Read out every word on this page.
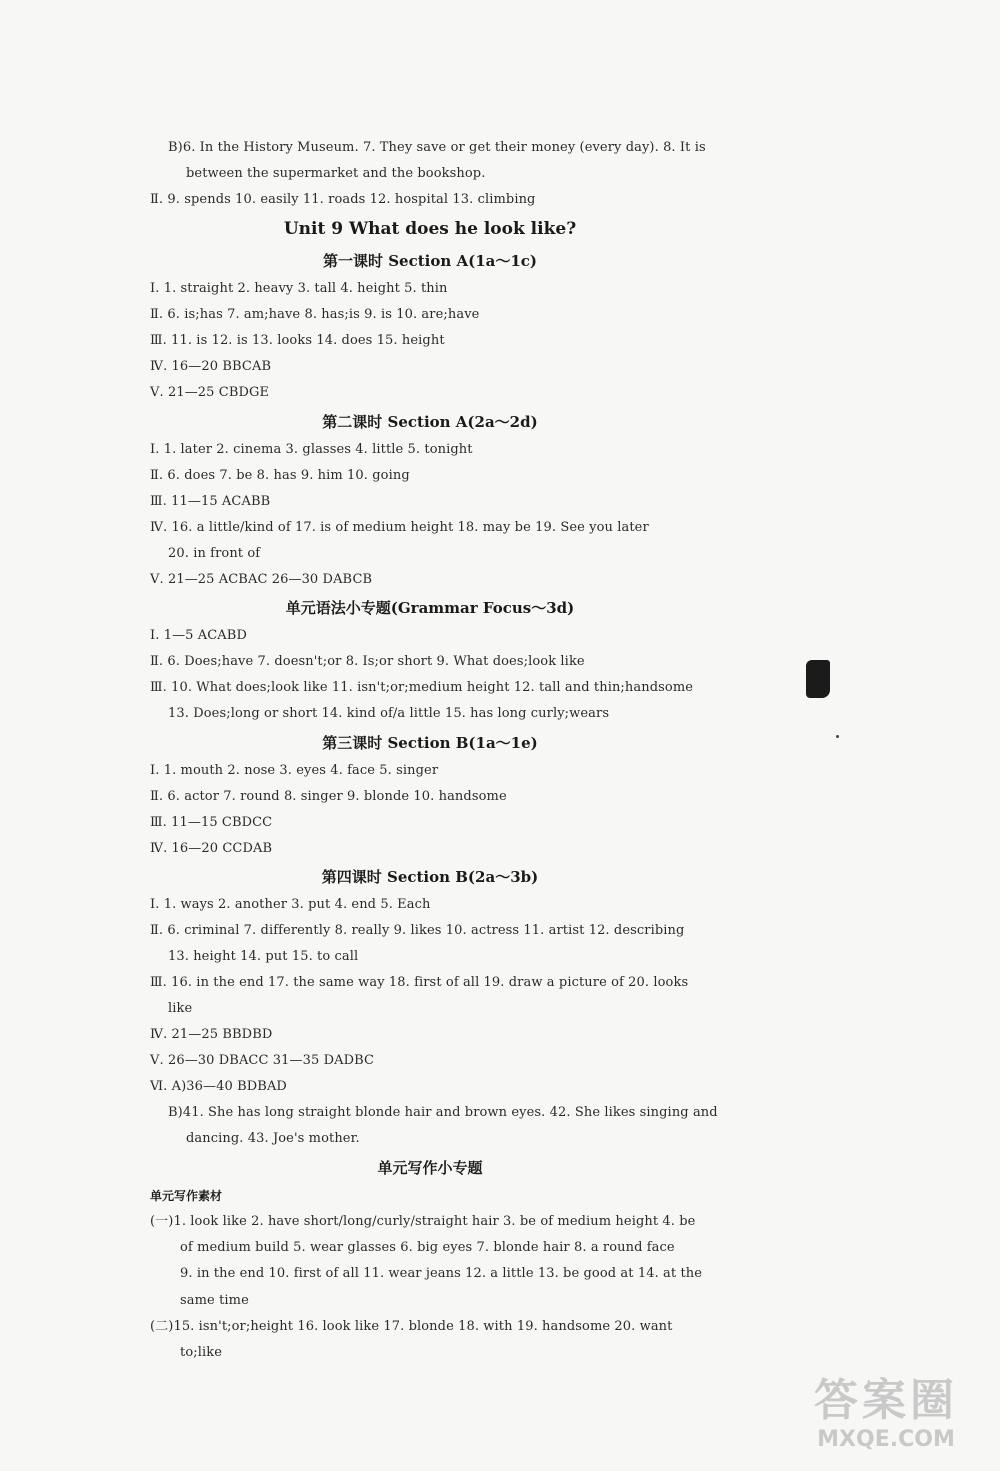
B)6. In the History Museum. 7. They save or get their money (every day). 8. It is
between the supermarket and the bookshop.
Ⅱ. 9. spends 10. easily 11. roads 12. hospital 13. climbing
Unit 9 What does he look like?
第一课时 Section A(1a～1c)
Ⅰ. 1. straight 2. heavy 3. tall 4. height 5. thin
Ⅱ. 6. is;has 7. am;have 8. has;is 9. is 10. are;have
Ⅲ. 11. is 12. is 13. looks 14. does 15. height
Ⅳ. 16—20 BBCAB
Ⅴ. 21—25 CBDGE
第二课时 Section A(2a～2d)
Ⅰ. 1. later 2. cinema 3. glasses 4. little 5. tonight
Ⅱ. 6. does 7. be 8. has 9. him 10. going
Ⅲ. 11—15 ACABB
Ⅳ. 16. a little/kind of 17. is of medium height 18. may be 19. See you later
20. in front of
Ⅴ. 21—25 ACBAC 26—30 DABCB
单元语法小专题(Grammar Focus～3d)
Ⅰ. 1—5 ACABD
Ⅱ. 6. Does;have 7. doesn't;or 8. Is;or short 9. What does;look like
Ⅲ. 10. What does;look like 11. isn't;or;medium height 12. tall and thin;handsome
13. Does;long or short 14. kind of/a little 15. has long curly;wears
第三课时 Section B(1a～1e)
Ⅰ. 1. mouth 2. nose 3. eyes 4. face 5. singer
Ⅱ. 6. actor 7. round 8. singer 9. blonde 10. handsome
Ⅲ. 11—15 CBDCC
Ⅳ. 16—20 CCDAB
第四课时 Section B(2a～3b)
Ⅰ. 1. ways 2. another 3. put 4. end 5. Each
Ⅱ. 6. criminal 7. differently 8. really 9. likes 10. actress 11. artist 12. describing
13. height 14. put 15. to call
Ⅲ. 16. in the end 17. the same way 18. first of all 19. draw a picture of 20. looks
like
Ⅳ. 21—25 BBDBD
Ⅴ. 26—30 DBACC 31—35 DADBC
Ⅵ. A)36—40 BDBAD
B)41. She has long straight blonde hair and brown eyes. 42. She likes singing and
dancing. 43. Joe's mother.
单元写作小专题
单元写作素材
(一)1. look like 2. have short/long/curly/straight hair 3. be of medium height 4. be
of medium build 5. wear glasses 6. big eyes 7. blonde hair 8. a round face
9. in the end 10. first of all 11. wear jeans 12. a little 13. be good at 14. at the
same time
(二)15. isn't;or;height 16. look like 17. blonde 18. with 19. handsome 20. want
to;like
答案圈
MXQE.COM
